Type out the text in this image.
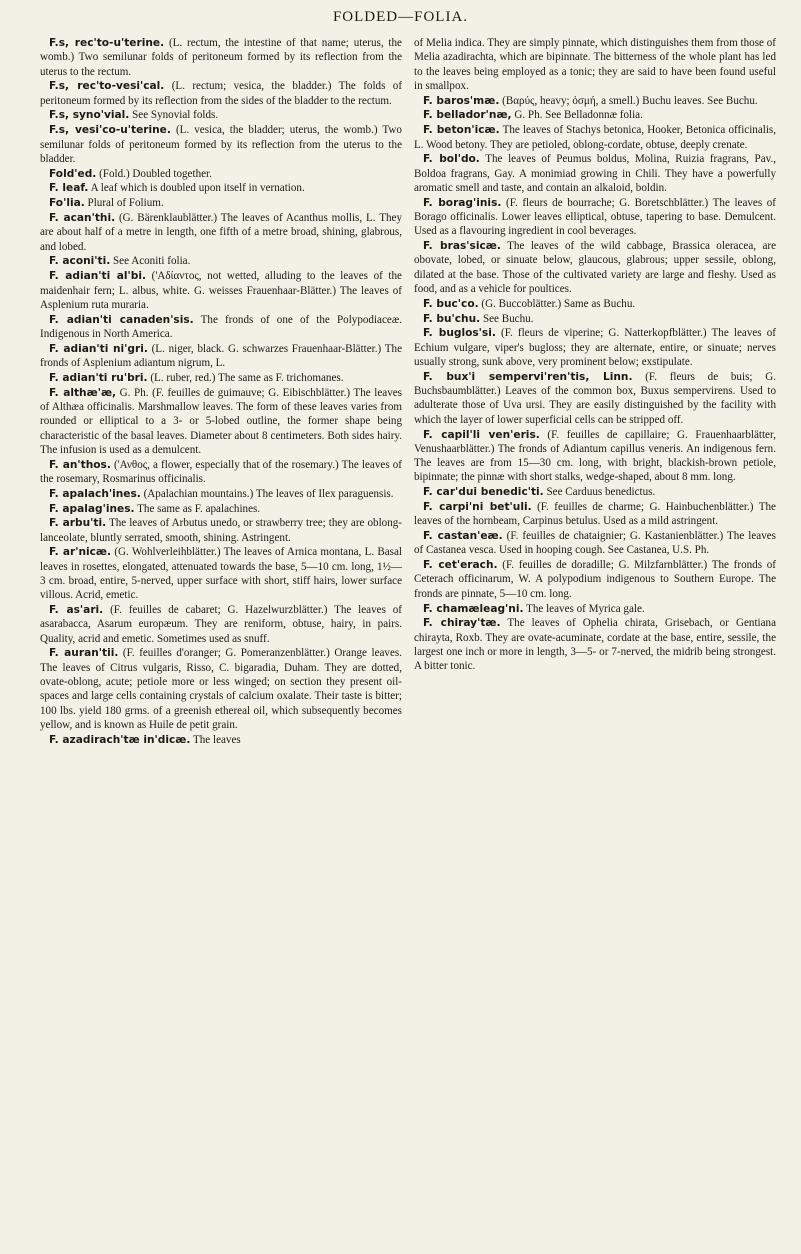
FOLDED—FOLIA.

F.s, rec'to-u'terine. (L. rectum, the intestine of that name; uterus, the womb.) Two semilunar folds of peritoneum formed by its reflection from the uterus to the rectum.

F.s, rec'to-vesi'cal. (L. rectum; vesica, the bladder.) The folds of peritoneum formed by its reflection from the sides of the bladder to the rectum.

F.s, syno'vial. See Synovial folds.

F.s, vesi'co-u'terine. (L. vesica, the bladder; uterus, the womb.) Two semilunar folds of peritoneum formed by its reflection from the uterus to the bladder.

Fold'ed. (Fold.) Doubled together.

F. leaf. A leaf which is doubled upon itself in vernation.

Fo'lia. Plural of Folium.

F. acan'thi. (G. Bärenklaublätter.) The leaves of Acanthus mollis, L. They are about half of a metre in length, one fifth of a metre broad, shining, glabrous, and lobed.

F. aconi'ti. See Aconiti folia.

F. adian'ti al'bi. ('Αδίαντος, not wetted, alluding to the leaves of the maidenhair fern; L. albus, white. G. weisses Frauenhaar-Blätter.) The leaves of Asplenium ruta muraria.

F. adian'ti canaden'sis. The fronds of one of the Polypodiaceæ. Indigenous in North America.

F. adian'ti ni'gri. (L. niger, black. G. schwarzes Frauenhaar-Blätter.) The fronds of Asplenium adiantum nigrum, L.

F. adian'ti ru'bri. (L. ruber, red.) The same as F. trichomanes.

F. althæ'æ, G. Ph. (F. feuilles de guimauve; G. Eibischblätter.) The leaves of Althæa officinalis. Marshmallow leaves. The form of these leaves varies from rounded or elliptical to a 3- or 5-lobed outline, the former shape being characteristic of the basal leaves. Diameter about 8 centimeters. Both sides hairy. The infusion is used as a demulcent.

F. an'thos. ('Ανθος, a flower, especially that of the rosemary.) The leaves of the rosemary, Rosmarinus officinalis.

F. apalach'ines. (Apalachian mountains.) The leaves of Ilex paraguensis.

F. apalag'ines. The same as F. apalachines.

F. arbu'ti. The leaves of Arbutus unedo, or strawberry tree; they are oblong-lanceolate, bluntly serrated, smooth, shining. Astringent.

F. ar'nicæ. (G. Wohlverleihblätter.) The leaves of Arnica montana, L. Basal leaves in rosettes, elongated, attenuated towards the base, 5—10 cm. long, 1½—3 cm. broad, entire, 5-nerved, upper surface with short, stiff hairs, lower surface villous. Acrid, emetic.

F. as'ari. (F. feuilles de cabaret; G. Hazelwurzblätter.) The leaves of asarabacca, Asarum europæum. They are reniform, obtuse, hairy, in pairs. Quality, acrid and emetic. Sometimes used as snuff.

F. auran'tii. (F. feuilles d'oranger; G. Pomeranzenblätter.) Orange leaves. The leaves of Citrus vulgaris, Risso, C. bigaradia, Duham. They are dotted, ovate-oblong, acute; petiole more or less winged; on section they present oil-spaces and large cells containing crystals of calcium oxalate. Their taste is bitter; 100 lbs. yield 180 grms. of a greenish ethereal oil, which subsequently becomes yellow, and is known as Huile de petit grain.

F. azadirach'tæ in'dicæ. The leaves

of Melia indica. They are simply pinnate, which distinguishes them from those of Melia azadirachta, which are bipinnate. The bitterness of the whole plant has led to the leaves being employed as a tonic; they are said to have been found useful in smallpox.

F. baros'mæ. (Βαρύς, heavy; ὀσμή, a smell.) Buchu leaves. See Buchu.

F. bellador'næ, G. Ph. See Belladonnæ folia.

F. beton'icæ. The leaves of Stachys betonica, Hooker, Betonica officinalis, L. Wood betony. They are petioled, oblong-cordate, obtuse, deeply crenate.

F. bol'do. The leaves of Peumus boldus, Molina, Ruizia fragrans, Pav., Boldoa fragrans, Gay. A monimiad growing in Chili. They have a powerfully aromatic smell and taste, and contain an alkaloid, boldin.

F. borag'inis. (F. fleurs de bourrache; G. Boretschblätter.) The leaves of Borago officinalis. Lower leaves elliptical, obtuse, tapering to base. Demulcent. Used as a flavouring ingredient in cool beverages.

F. bras'sicæ. The leaves of the wild cabbage, Brassica oleracea, are obovate, lobed, or sinuate below, glaucous, glabrous; upper sessile, oblong, dilated at the base. Those of the cultivated variety are large and fleshy. Used as food, and as a vehicle for poultices.

F. buc'co. (G. Buccoblätter.) Same as Buchu.

F. bu'chu. See Buchu.

F. buglos'si. (F. fleurs de viperine; G. Natterkopfblätter.) The leaves of Echium vulgare, viper's bugloss; they are alternate, entire, or sinuate; nerves usually strong, sunk above, very prominent below; exstipulate.

F. bux'i sempervi'ren'tis, Linn. (F. fleurs de buis; G. Buchsbaumblätter.) Leaves of the common box, Buxus sempervirens. Used to adulterate those of Uva ursi. They are easily distinguished by the facility with which the layer of lower superficial cells can be stripped off.

F. capil'li ven'eris. (F. feuilles de capillaire; G. Frauenhaarblätter, Venushaarblätter.) The fronds of Adiantum capillus veneris. An indigenous fern. The leaves are from 15—30 cm. long, with bright, blackish-brown petiole, bipinnate; the pinnæ with short stalks, wedge-shaped, about 8 mm. long.

F. car'dui benedic'ti. See Carduus benedictus.

F. carpi'ni bet'uli. (F. feuilles de charme; G. Hainbuchenblätter.) The leaves of the hornbeam, Carpinus betulus. Used as a mild astringent.

F. castan'eæ. (F. feuilles de chataignier; G. Kastanienblätter.) The leaves of Castanea vesca. Used in hooping cough. See Castanea, U.S. Ph.

F. cet'erach. (F. feuilles de doradille; G. Milzfarnblätter.) The fronds of Ceterach officinarum, W. A polypodium indigenous to Southern Europe. The fronds are pinnate, 5—10 cm. long.

F. chamæleag'ni. The leaves of Myrica gale.

F. chiray'tæ. The leaves of Ophelia chirata, Grisebach, or Gentiana chirayta, Roxb. They are ovate-acuminate, cordate at the base, entire, sessile, the largest one inch or more in length, 3—5- or 7-nerved, the midrib being strongest. A bitter tonic.
